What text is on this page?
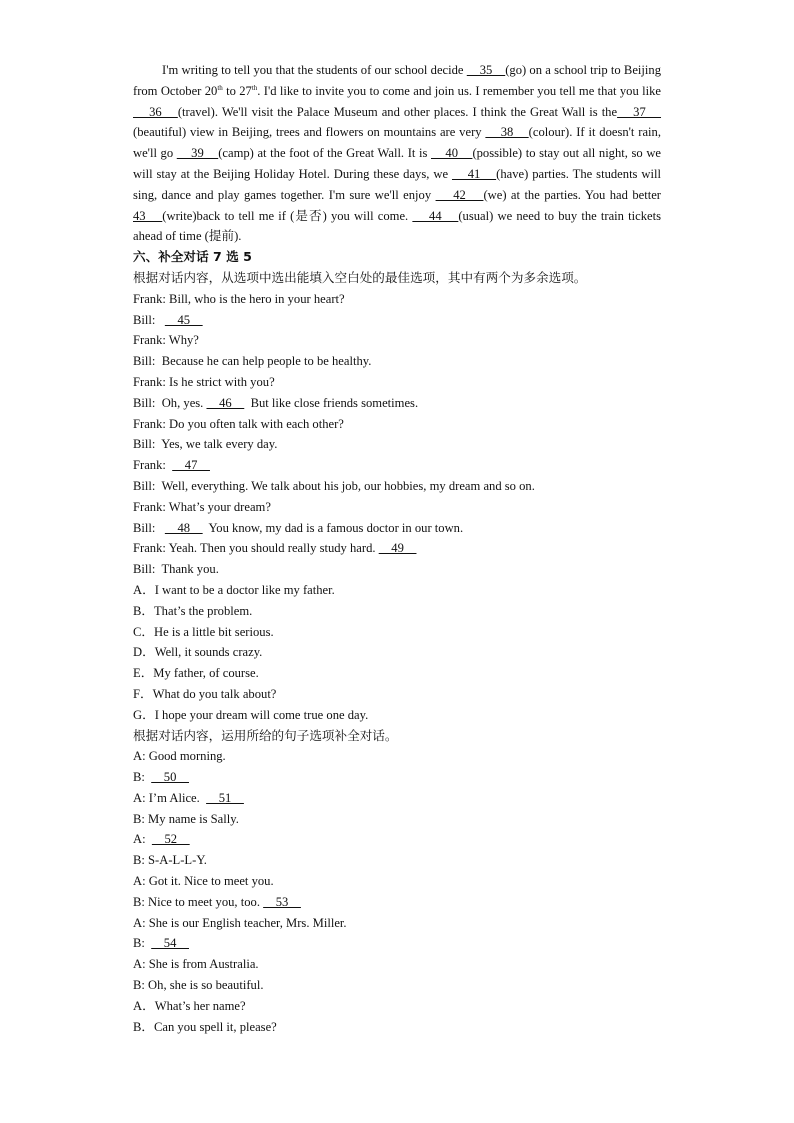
I'm writing to tell you that the students of our school decide     35    (go) on a school trip to Beijing from October 20th to 27th. I'd like to invite you to come and join us. I remember you tell me that you like     36    (travel). We'll visit the Palace Museum and other places. I think the Great Wall is the    37     (beautiful) view in Beijing, trees and flowers on mountains are very     38    (colour). If it doesn't rain, we'll go     39    (camp) at the foot of the Great Wall. It is     40    (possible) to stay out all night, so we will stay at the Beijing Holiday Hotel. During these days, we     41    (have) parties. The students will sing, dance and play games together. I'm sure we'll enjoy     42    (we) at the parties. You had better 43    (write)back to tell me if (是否) you will come.     44    (usual) we need to buy the train tickets ahead of time (提前).

六、补全对话 7 选 5

根据对话内容，从选项中选出能填入空白处的最佳选项，其中有两个为多余选项。

Frank: Bill, who is the hero in your heart?

Bill:       45

Frank: Why?

Bill:  Because he can help people to be healthy.

Frank: Is he strict with you?

Bill:  Oh, yes.     46      But like close friends sometimes.

Frank: Do you often talk with each other?

Bill:  Yes, we talk every day.

Frank:      47

Bill:  Well, everything. We talk about his job, our hobbies, my dream and so on.

Frank: What’s your dream?

Bill:       48      You know, my dad is a famous doctor in our town.

Frank: Yeah. Then you should really study hard.     49

Bill:  Thank you.

A．I want to be a doctor like my father.

B．That’s the problem.

C．He is a little bit serious.

D．Well, it sounds crazy.

E．My father, of course.

F．What do you talk about?

G．I hope your dream will come true one day.

根据对话内容，运用所给的句子选项补全对话。

A: Good morning.

B:      50

A: I’m Alice.      51

B: My name is Sally.

A:      52

B: S-A-L-L-Y.

A: Got it. Nice to meet you.

B: Nice to meet you, too.     53

A: She is our English teacher, Mrs. Miller.

B:      54

A: She is from Australia.

B: Oh, she is so beautiful.

A．What’s her name?

B．Can you spell it, please?
